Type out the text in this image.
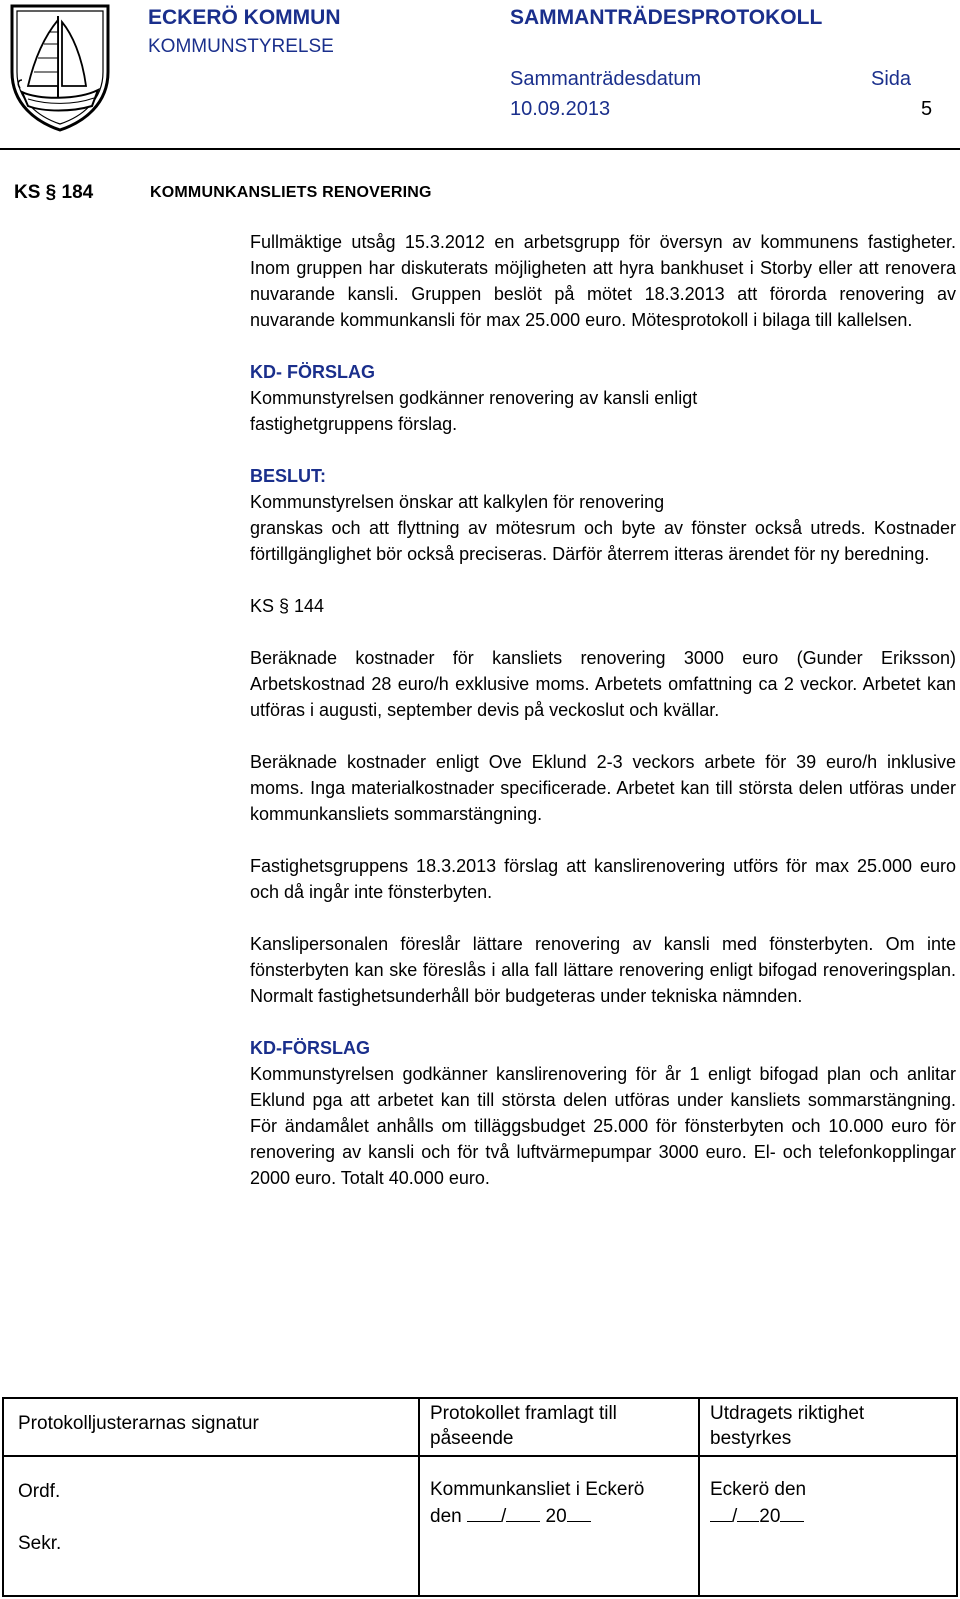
ECKERÖ KOMMUN
KOMMUNSTYRELSE
SAMMANTRÄDESPROTOKOLL
Sammanträdesdatum
10.09.2013
Sida
5
KS § 184	KOMMUNKANSLIETS RENOVERING

Fullmäktige utsåg 15.3.2012 en arbetsgrupp för översyn av kommunens fastigheter. Inom gruppen har diskuterats möjligheten att hyra bankhuset i Storby eller att renovera nuvarande kansli. Gruppen beslöt på mötet 18.3.2013 att förorda renovering av nuvarande kommunkansli för max 25.000 euro. Mötesprotokoll i bilaga till kallelsen.

KD- FÖRSLAG

Kommunstyrelsen godkänner renovering av kansli enligt

fastighetgruppens förslag.

BESLUT:

Kommunstyrelsen önskar att kalkylen för renovering

granskas och att flyttning av mötesrum och byte av fönster också utreds. Kostnader förtillgänglighet bör också preciseras. Därför återrem itteras ärendet för ny beredning.

KS § 144

Beräknade kostnader för kansliets renovering 3000 euro (Gunder Eriksson) Arbetskostnad 28 euro/h exklusive moms. Arbetets omfattning ca 2 veckor. Arbetet kan utföras i augusti, september devis på veckoslut och kvällar.

Beräknade kostnader enligt Ove Eklund 2-3 veckors arbete för 39 euro/h inklusive moms. Inga materialkostnader specificerade. Arbetet kan till största delen utföras under kommunkansliets sommarstängning.

Fastighetsgruppens 18.3.2013 förslag att kanslirenovering utförs för max 25.000 euro och då ingår inte fönsterbyten.

Kanslipersonalen föreslår lättare renovering av kansli med fönsterbyten. Om inte fönsterbyten kan ske föreslås i alla fall lättare renovering enligt bifogad renoveringsplan. Normalt fastighetsunderhåll bör budgeteras under tekniska nämnden.

KD-FÖRSLAG

Kommunstyrelsen godkänner kanslirenovering för år 1 enligt bifogad plan och anlitar Eklund pga att arbetet kan till största delen utföras under kansliets sommarstängning. För ändamålet anhålls om tilläggsbudget 25.000 för fönsterbyten och 10.000 euro för renovering av kansli och för två luftvärmepumpar 3000 euro. El- och telefonkopplingar 2000 euro. Totalt 40.000 euro.

Protokolljusterarnas signatur
Ordf.
Sekr.
Protokollet framlagt till
påseende
Kommunkansliet i Eckerö
den / 20
Utdragets riktighet
bestyrkes
Eckerö den
/ 20
